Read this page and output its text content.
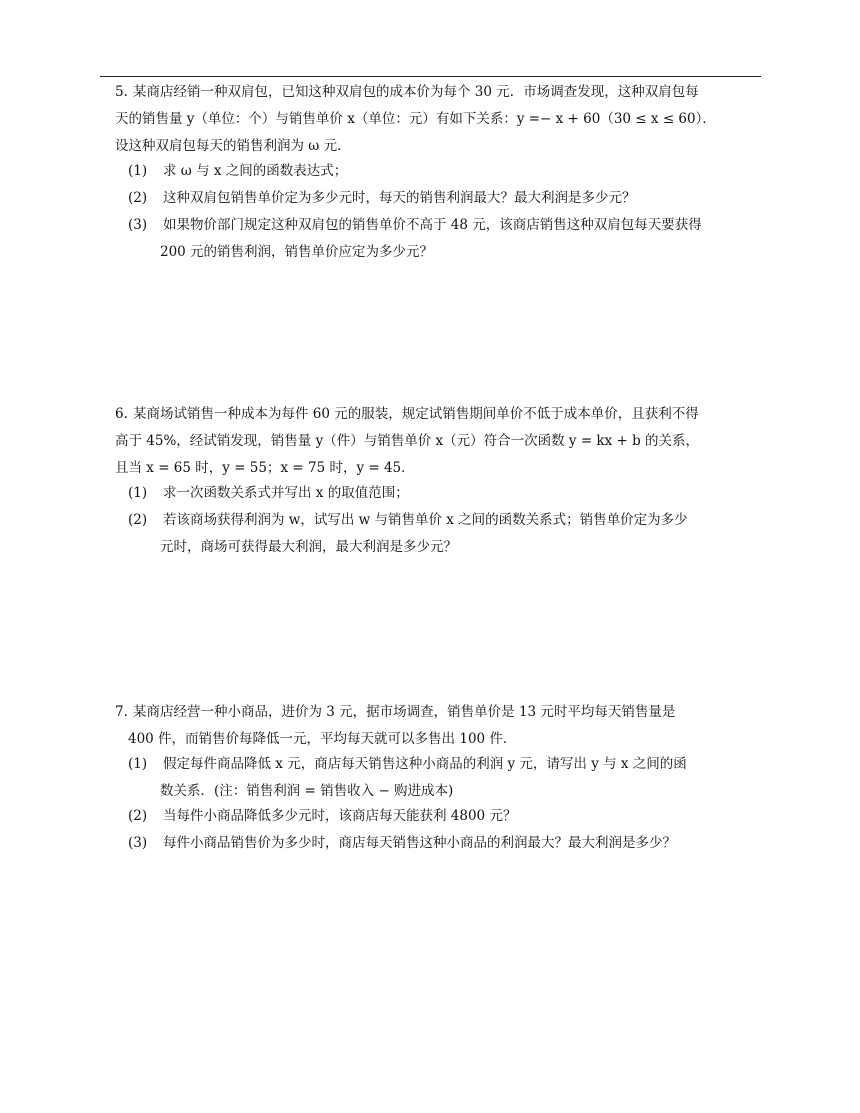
5. 某商店经销一种双肩包，已知这种双肩包的成本价为每个 30 元．市场调查发现，这种双肩包每
天的销售量 y（单位：个）与销售单价 x（单位：元）有如下关系：y =− x + 60（30 ≤ x ≤ 60）．
设这种双肩包每天的销售利润为 ω 元．
(1) 求 ω 与 x 之间的函数表达式；
(2) 这种双肩包销售单价定为多少元时，每天的销售利润最大？最大利润是多少元？
(3) 如果物价部门规定这种双肩包的销售单价不高于 48 元，该商店销售这种双肩包每天要获得
200 元的销售利润，销售单价应定为多少元？
6. 某商场试销售一种成本为每件 60 元的服装，规定试销售期间单价不低于成本单价，且获利不得
高于 45%，经试销发现，销售量 y（件）与销售单价 x（元）符合一次函数 y = kx + b 的关系，
且当 x = 65 时，y = 55；x = 75 时，y = 45．
(1) 求一次函数关系式并写出 x 的取值范围；
(2) 若该商场获得利润为 w，试写出 w 与销售单价 x 之间的函数关系式；销售单价定为多少
元时，商场可获得最大利润，最大利润是多少元？
7. 某商店经营一种小商品，进价为 3 元，据市场调查，销售单价是 13 元时平均每天销售量是
400 件，而销售价每降低一元，平均每天就可以多售出 100 件．
(1) 假定每件商品降低 x 元，商店每天销售这种小商品的利润 y 元，请写出 y 与 x 之间的函
数关系．(注：销售利润 = 销售收入 − 购进成本)
(2) 当每件小商品降低多少元时，该商店每天能获利 4800 元？
(3) 每件小商品销售价为多少时，商店每天销售这种小商品的利润最大？最大利润是多少？
